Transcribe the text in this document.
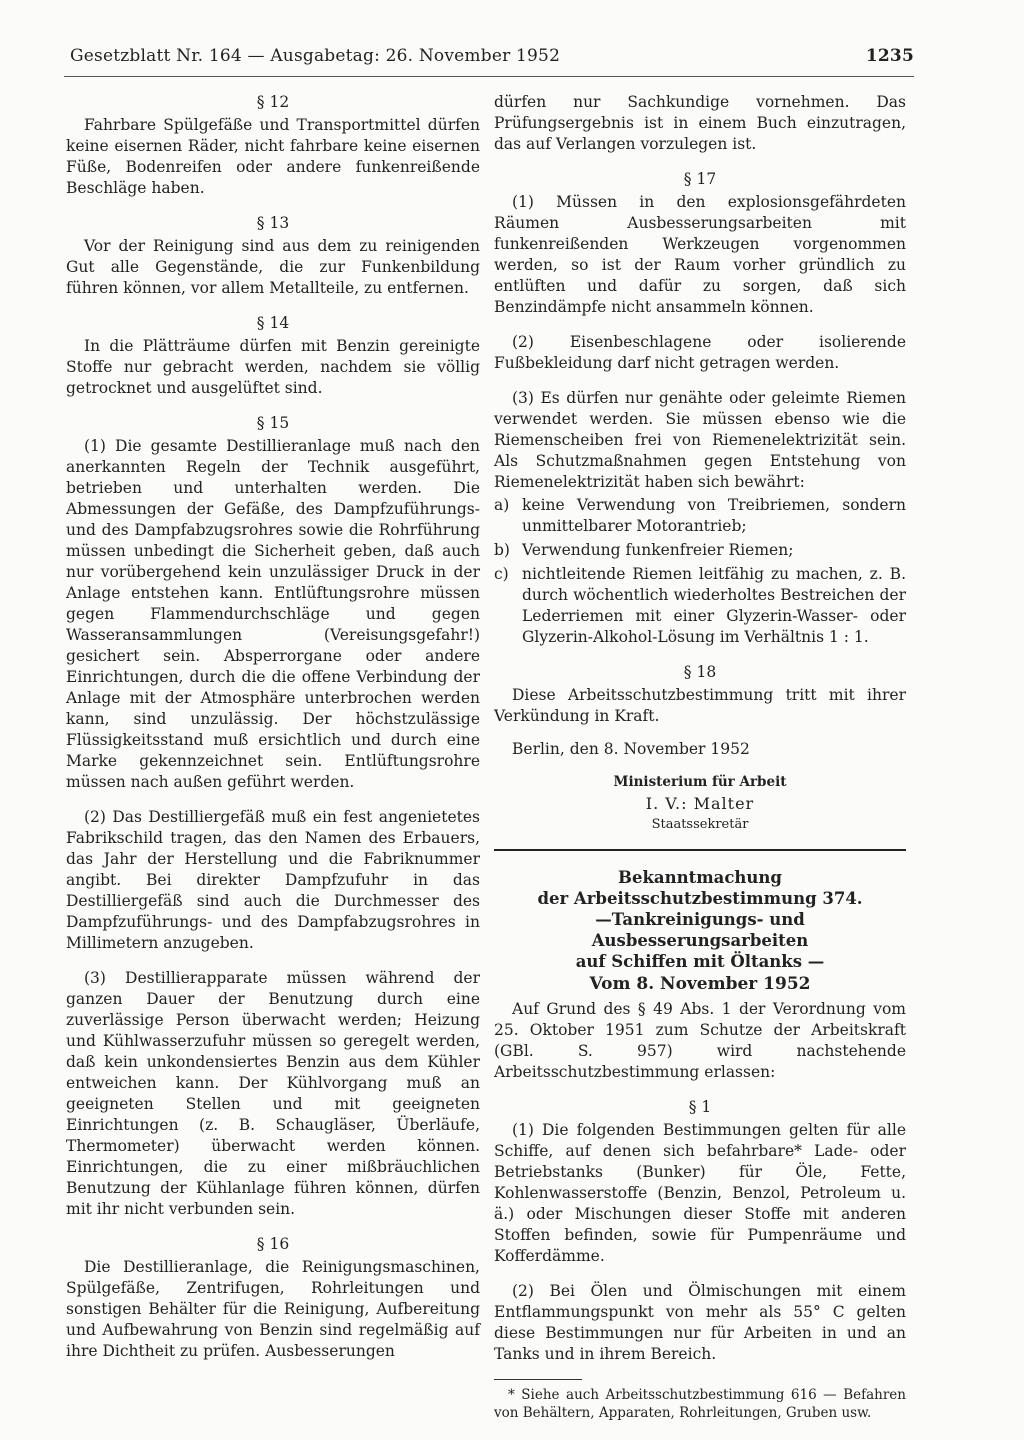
Gesetzblatt Nr. 164 — Ausgabetag: 26. November 1952	1235

§ 12

Fahrbare Spülgefäße und Transportmittel dürfen keine eisernen Räder, nicht fahrbare keine eisernen Füße, Bodenreifen oder andere funkenreißende Beschläge haben.

§ 13

Vor der Reinigung sind aus dem zu reinigenden Gut alle Gegenstände, die zur Funkenbildung führen können, vor allem Metallteile, zu entfernen.

§ 14

In die Plätträume dürfen mit Benzin gereinigte Stoffe nur gebracht werden, nachdem sie völlig getrocknet und ausgelüftet sind.

§ 15

(1) Die gesamte Destillieranlage muß nach den anerkannten Regeln der Technik ausgeführt, betrieben und unterhalten werden. Die Abmessungen der Gefäße, des Dampfzuführungs- und des Dampfabzugsrohres sowie die Rohrführung müssen unbedingt die Sicherheit geben, daß auch nur vorübergehend kein unzulässiger Druck in der Anlage entstehen kann. Entlüftungsrohre müssen gegen Flammendurchschläge und gegen Wasseransammlungen (Vereisungsgefahr!) gesichert sein. Absperrorgane oder andere Einrichtungen, durch die die offene Verbindung der Anlage mit der Atmosphäre unterbrochen werden kann, sind unzulässig. Der höchstzulässige Flüssigkeitsstand muß ersichtlich und durch eine Marke gekennzeichnet sein. Entlüftungsrohre müssen nach außen geführt werden.

(2) Das Destilliergefäß muß ein fest angenietetes Fabrikschild tragen, das den Namen des Erbauers, das Jahr der Herstellung und die Fabriknummer angibt. Bei direkter Dampfzufuhr in das Destilliergefäß sind auch die Durchmesser des Dampfzuführungs- und des Dampfabzugsrohres in Millimetern anzugeben.

(3) Destillierapparate müssen während der ganzen Dauer der Benutzung durch eine zuverlässige Person überwacht werden; Heizung und Kühlwasserzufuhr müssen so geregelt werden, daß kein unkondensiertes Benzin aus dem Kühler entweichen kann. Der Kühlvorgang muß an geeigneten Stellen und mit geeigneten Einrichtungen (z. B. Schaugläser, Überläufe, Thermometer) überwacht werden können. Einrichtungen, die zu einer mißbräuchlichen Benutzung der Kühlanlage führen können, dürfen mit ihr nicht verbunden sein.

§ 16

Die Destillieranlage, die Reinigungsmaschinen, Spülgefäße, Zentrifugen, Rohrleitungen und sonstigen Behälter für die Reinigung, Aufbereitung und Aufbewahrung von Benzin sind regelmäßig auf ihre Dichtheit zu prüfen. Ausbesserungen

dürfen nur Sachkundige vornehmen. Das Prüfungsergebnis ist in einem Buch einzutragen, das auf Verlangen vorzulegen ist.

§ 17

(1) Müssen in den explosionsgefährdeten Räumen Ausbesserungsarbeiten mit funkenreißenden Werkzeugen vorgenommen werden, so ist der Raum vorher gründlich zu entlüften und dafür zu sorgen, daß sich Benzindämpfe nicht ansammeln können.

(2) Eisenbeschlagene oder isolierende Fußbekleidung darf nicht getragen werden.

(3) Es dürfen nur genähte oder geleimte Riemen verwendet werden. Sie müssen ebenso wie die Riemenscheiben frei von Riemenelektrizität sein. Als Schutzmaßnahmen gegen Entstehung von Riemenelektrizität haben sich bewährt:

a) keine Verwendung von Treibriemen, sondern unmittelbarer Motorantrieb;
b) Verwendung funkenfreier Riemen;
c) nichtleitende Riemen leitfähig zu machen, z. B. durch wöchentlich wiederholtes Bestreichen der Lederriemen mit einer Glyzerin-Wasser- oder Glyzerin-Alkohol-Lösung im Verhältnis 1 : 1.

§ 18

Diese Arbeitsschutzbestimmung tritt mit ihrer Verkündung in Kraft.

Berlin, den 8. November 1952

Ministerium für Arbeit
I. V.: Malter
Staatssekretär
Bekanntmachung
der Arbeitsschutzbestimmung 374.
—Tankreinigungs- und Ausbesserungsarbeiten
auf Schiffen mit Öltanks —
Vom 8. November 1952

Auf Grund des § 49 Abs. 1 der Verordnung vom 25. Oktober 1951 zum Schutze der Arbeitskraft (GBl. S. 957) wird nachstehende Arbeitsschutzbestimmung erlassen:

§ 1

(1) Die folgenden Bestimmungen gelten für alle Schiffe, auf denen sich befahrbare* Lade- oder Betriebstanks (Bunker) für Öle, Fette, Kohlenwasserstoffe (Benzin, Benzol, Petroleum u. ä.) oder Mischungen dieser Stoffe mit anderen Stoffen befinden, sowie für Pumpenräume und Kofferdämme.

(2) Bei Ölen und Ölmischungen mit einem Entflammungspunkt von mehr als 55° C gelten diese Bestimmungen nur für Arbeiten in und an Tanks und in ihrem Bereich.

* Siehe auch Arbeitsschutzbestimmung 616 — Befahren von Behältern, Apparaten, Rohrleitungen, Gruben usw.
